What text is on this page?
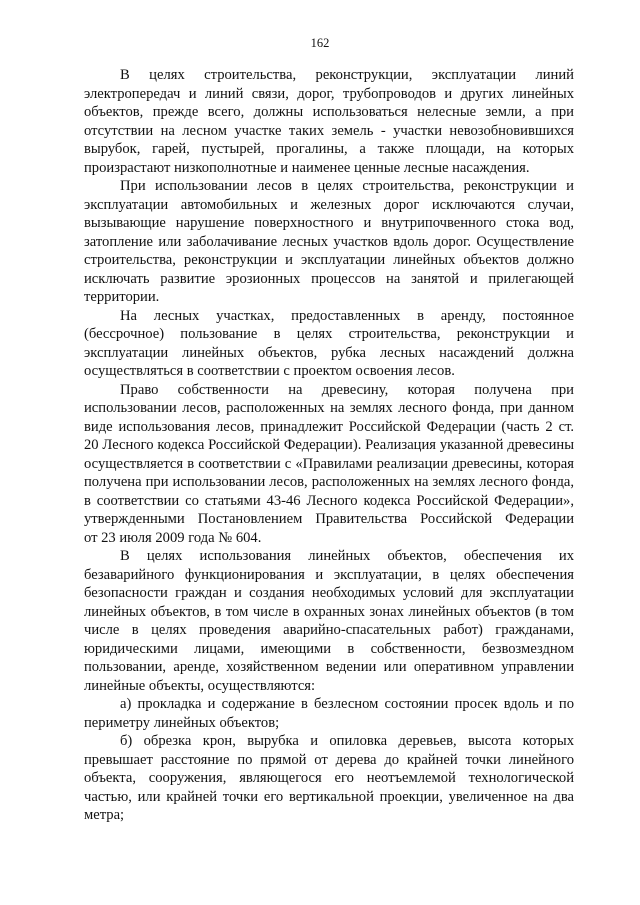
162

В целях строительства, реконструкции, эксплуатации линий электропередач и линий связи, дорог, трубопроводов и других линейных объектов, прежде всего, должны использоваться нелесные земли, а при отсутствии на лесном участке таких земель - участки невозобновившихся вырубок, гарей, пустырей, прогалины, а также площади, на которых произрастают низкополнотные и наименее ценные лесные насаждения.

При использовании лесов в целях строительства, реконструкции и эксплуатации автомобильных и железных дорог исключаются случаи, вызывающие нарушение поверхностного и внутрипочвенного стока вод, затопление или заболачивание лесных участков вдоль дорог. Осуществление строительства, реконструкции и эксплуатации линейных объектов должно исключать развитие эрозионных процессов на занятой и прилегающей территории.

На лесных участках, предоставленных в аренду, постоянное (бессрочное) пользование в целях строительства, реконструкции и эксплуатации линейных объектов, рубка лесных насаждений должна осуществляться в соответствии с проектом освоения лесов.

Право собственности на древесину, которая получена при использовании лесов, расположенных на землях лесного фонда, при данном виде использования лесов, принадлежит Российской Федерации (часть 2 ст. 20 Лесного кодекса Российской Федерации). Реализация указанной древесины осуществляется в соответствии с «Правилами реализации древесины, которая получена при использовании лесов, расположенных на землях лесного фонда, в соответствии со статьями 43-46 Лесного кодекса Российской Федерации», утвержденными Постановлением Правительства Российской Федерации

от 23 июля 2009 года № 604.

В целях использования линейных объектов, обеспечения их безаварийного функционирования и эксплуатации, в целях обеспечения безопасности граждан и создания необходимых условий для эксплуатации линейных объектов, в том числе в охранных зонах линейных объектов (в том числе в целях проведения аварийно-спасательных работ) гражданами, юридическими лицами, имеющими в собственности, безвозмездном пользовании, аренде, хозяйственном ведении или оперативном управлении линейные объекты, осуществляются:

а) прокладка и содержание в безлесном состоянии просек вдоль и по периметру линейных объектов;

б) обрезка крон, вырубка и опиловка деревьев, высота которых превышает расстояние по прямой от дерева до крайней точки линейного объекта, сооружения, являющегося его неотъемлемой технологической частью, или крайней точки его вертикальной проекции, увеличенное на два метра;
